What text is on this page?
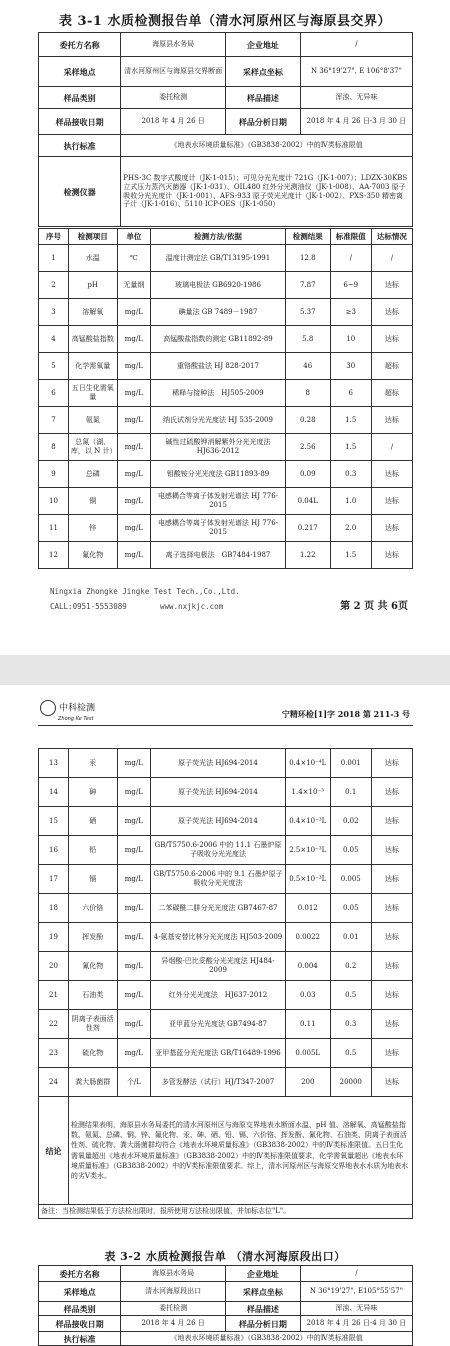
表 3-1 水质检测报告单（清水河原州区与海原县交界）
委托方名称	海原县水务局	企业地址	/
采样地点	清水河原州区与海原县交界断面	采样点坐标	N 36°19'27", E 106°8'37"
样品类别	委托检测	样品描述	浑浊、无异味
样品接收日期	2018 年 4 月 26 日	样品分析日期	2018 年 4 月 26 日-3 月 30 日
执行标准	《地表水环境质量标准》（GB3838-2002）中的Ⅳ类标准限值		
检测仪器	PHS-3C 数字式酸度计（JK-1-015）；可见分光光度计 721G（JK-1-007）；LDZX-30KBS 立式压力蒸汽灭菌器（JK-1-031）、OIL480 红外分光测油仪（JK-1-008）、AA-7003 原子吸收分光光度计（JK-1-001）、AFS-933 原子荧光光度计（JK-1-002）、PXS-350 精密离子计（JK-1-016）、5110 ICP-OES（JK-1-050）		
序号	检测项目	单位	检测方法/依据	检测结果	标准限值	达标情况
1	水温	℃	温度计测定法 GB/T13195-1991	12.8	/	/
2	pH	无量纲	玻璃电极法 GB6920-1986	7.87	6~9	达标
3	溶解氧	mg/L	碘量法 GB 7489－1987	5.37	≥3	达标
4	高锰酸盐指数	mg/L	高锰酸盐指数的测定 GB11892-89	5.8	10	达标
5	化学需氧量	mg/L	重铬酸盐法 HJ 828-2017	46	30	超标
6	五日生化需氧量	mg/L	稀释与接种法　HJ505-2009	8	6	超标
7	氨氮	mg/L	纳氏试剂分光光度法 HJ 535-2009	0.28	1.5	达标
8	总氮（湖、库，以 N 计）	mg/L	碱性过硫酸钾消解紫外分光光度法 HJ636-2012	2.56	1.5	/
9	总磷	mg/L	钼酸铵分光光度法 GB11893-89	0.09	0.3	达标
10	铜	mg/L	电感耦合等离子体发射光谱法 HJ 776-2015	0.04L	1.0	达标
11	锌	mg/L	电感耦合等离子体发射光谱法 HJ 776-2015	0.217	2.0	达标
12	氟化物	mg/L	离子选择电极法　GB7484-1987	1.22	1.5	达标
Ningxia Zhongke Jingke Test Tech.,Co.,Ltd.
CALL:0951-5553089	www.nxjkjc.com	第 2 页 共 6页
中科检测
Zhong Ke Test	宁精环检[1]字 2018 第 211-3 号
13	汞	mg/L	原子荧光法 HJ694-2014	0.4×10⁻⁴L	0.001	达标
14	砷	mg/L	原子荧光法 HJ694-2014	1.4×10⁻³	0.1	达标
15	硒	mg/L	原子荧光法 HJ694-2014	0.4×10⁻³L	0.02	达标
16	铅	mg/L	GB/T5750.6-2006 中的 11.1 石墨炉原子吸收分光光度法	2.5×10⁻³L	0.05	达标
17	镉	mg/L	GB/T5750.6-2006 中的 9.1 石墨炉原子吸收分光光度法	0.5×10⁻³L	0.005	达标
18	六价铬	mg/L	二苯碳酰二肼分光光度法 GB7467-87	0.012	0.05	达标
19	挥发酚	mg/L	4-氨基安替比林分光光度法 HJ503-2009	0.0022	0.01	达标
20	氰化物	mg/L	异烟酸-巴比妥酸分光光度法 HJ484-2009	0.004	0.2	达标
21	石油类	mg/L	红外分光光度法　HJ637-2012	0.03	0.5	达标
22	阴离子表面活性剂	mg/L	亚甲蓝分光光度法 GB7494-87	0.11	0.3	达标
23	硫化物	mg/L	亚甲基蓝分光光度法 GB/T16489-1996	0.005L	0.5	达标
24	粪大肠菌群	个/L	多管发酵法（试行）HJ/T347-2007	200	20000	达标
结论	检测结果表明，海原县水务局委托的清水河原州区与海原交界地表水断面水温、pH 值、溶解氧、高锰酸盐指数、氨氮、总磷、铜、锌、氟化物、汞、砷、硒、铅、镉、六价铬、挥发酚、氰化物、石油类、阴离子表面活性剂、硫化物、粪大肠菌群均符合《地表水环境质量标准》（GB3838-2002）中的Ⅳ类标准限值。五日生化需氧量超出《地表水环境质量标准》（GB3838-2002）中的Ⅳ类标准限值要求，化学需氧量超出《地表水环境质量标准》（GB3838-2002）中的Ⅴ类标准限值要求。综上，清水河原州区与海原交界地表水水质为地表水的劣Ⅴ类水。					
备注：当检测结果低于方法检出限时，报所使用方法检出限值，并加标志位"L"。						
表 3-2 水质检测报告单 （清水河海原段出口）
委托方名称	海原县水务局	企业地址	/
采样地点	清水河海原段出口	采样点坐标	N 36°19'27", E105°55'57"
样品类别	委托检测	样品描述	浑浊、无异味
样品接收日期	2018 年 4 月 26 日	样品分析日期	2018 年 4 月 26 日-4 月 30 日
执行标准	《地表水环境质量标准》（GB3838-2002）中的Ⅳ类标准限值		
